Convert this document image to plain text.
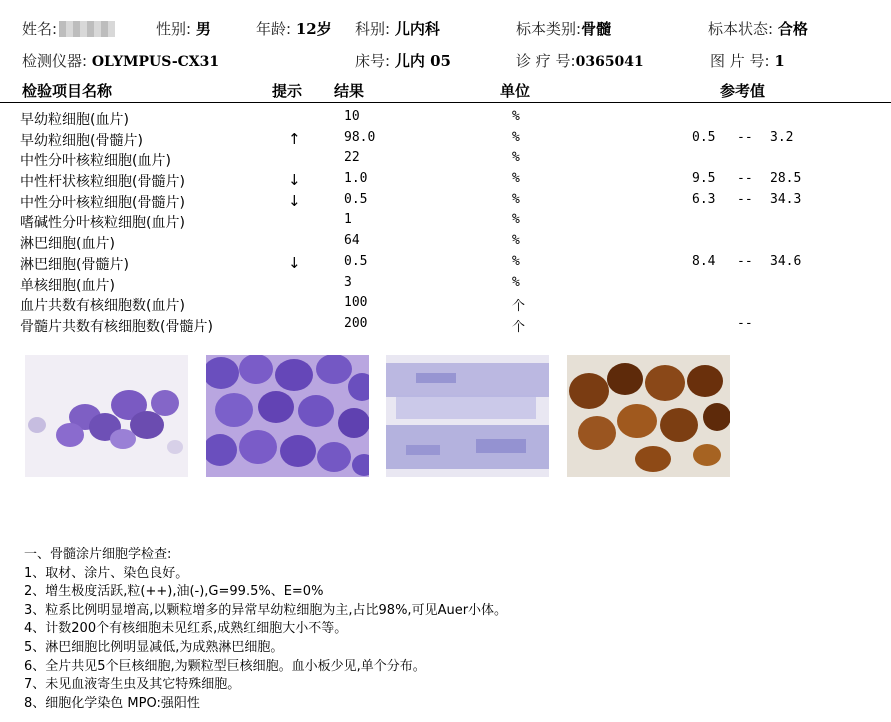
姓名:	性别: 男	年龄: 12岁 科别: 儿内科	标本类别:骨髓	标本状态: 合格
检测仪器: OLYMPUS-CX31	床号: 儿内 05	诊 疗 号:0365041	图 片 号: 1
检验项目名称	提示 结果	单位	参考值
早幼粒细胞(血片)	10	%
早幼粒细胞(骨髓片)	↑	98.0	%	0.5 -- 3.2
中性分叶核粒细胞(血片)	22	%
中性杆状核粒细胞(骨髓片)	↓	1.0	%	9.5 -- 28.5
中性分叶核粒细胞(骨髓片)	↓	0.5	%	6.3 -- 34.3
嗜碱性分叶核粒细胞(血片)	1	%
淋巴细胞(血片)	64	%
淋巴细胞(骨髓片)	↓	0.5	%	8.4 -- 34.6
单核细胞(血片)	3	%
血片共数有核细胞数(血片)	100	个
骨髓片共数有核细胞数(骨髓片)	200	个	--
一、骨髓涂片细胞学检查:
1、取材、涂片、染色良好。
2、增生极度活跃,粒(++),油(-),G=99.5%、E=0%
3、粒系比例明显增高,以颗粒增多的异常早幼粒细胞为主,占比98%,可见Auer小体。
4、计数200个有核细胞未见红系,成熟红细胞大小不等。
5、淋巴细胞比例明显减低,为成熟淋巴细胞。
6、全片共见5个巨核细胞,为颗粒型巨核细胞。血小板少见,单个分布。
7、未见血液寄生虫及其它特殊细胞。
8、细胞化学染色 MPO:强阳性
